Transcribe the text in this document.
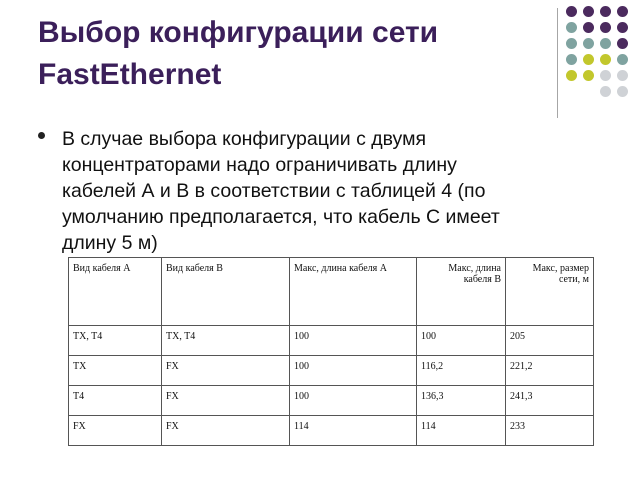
Выбор конфигурации сети
FastEthernet

В случае выбора конфигурации с двумя
концентраторами надо ограничивать длину
кабелей А и В в соответствии с таблицей 4 (по
умолчанию предполагается, что кабель С имеет
длину 5 м)

Вид кабеля А	Вид кабеля В	Макс, длина кабеля А	Макс, длина кабеля В	Макс, размер сети, м
TX, T4	TX, T4	100	100	205
TX	FX	100	116,2	221,2
T4	FX	100	136,3	241,3
FX	FX	114	114	233
